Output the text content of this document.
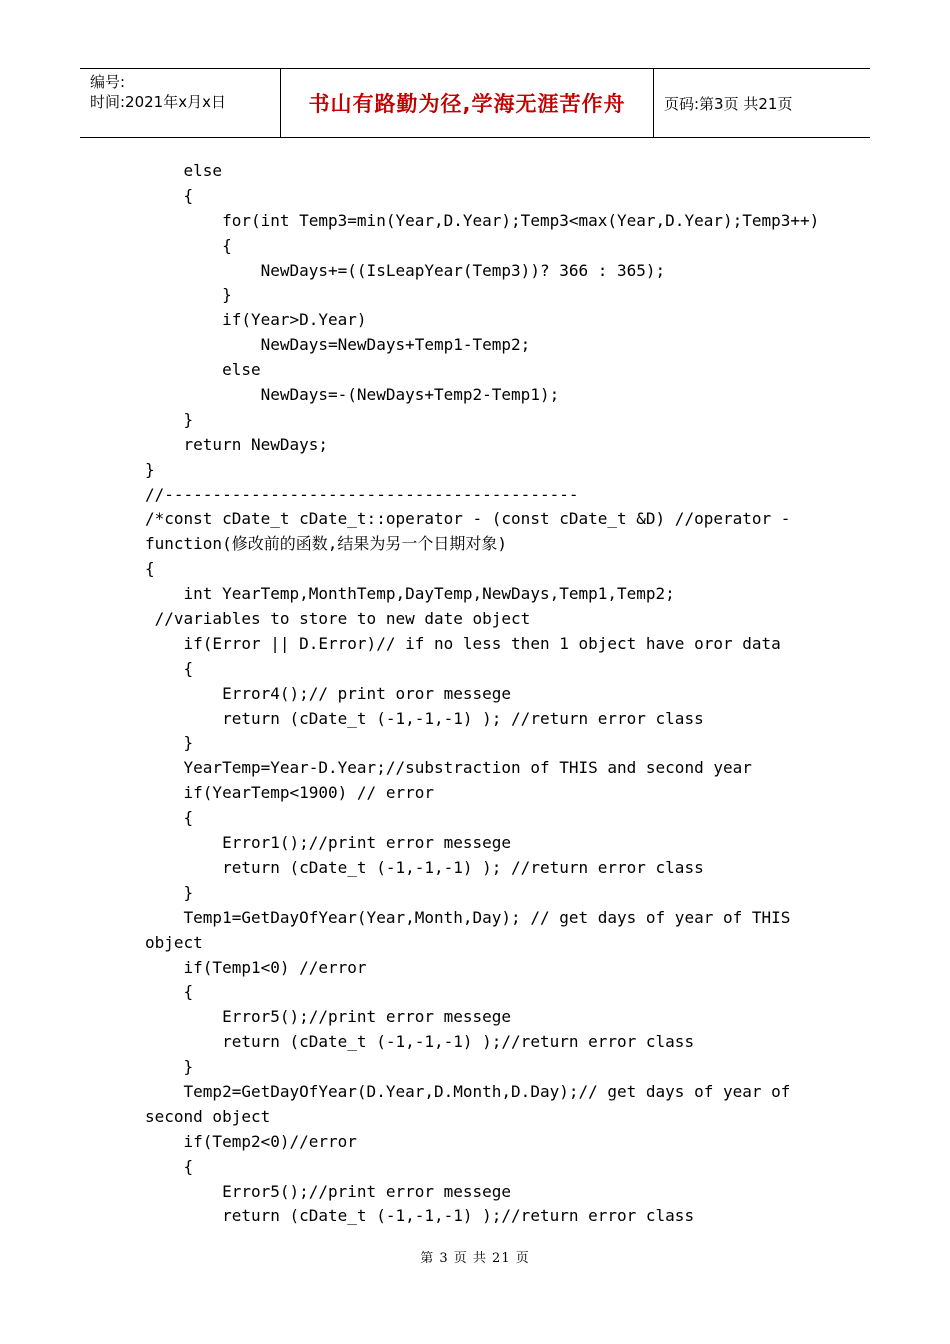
编号:
时间:2021年x月x日	书山有路勤为径,学海无涯苦作舟	页码:第3页 共21页
else
{
for(int Temp3=min(Year,D.Year);Temp3<max(Year,D.Year);Temp3++)
{
NewDays+=((IsLeapYear(Temp3))? 366 : 365);
}
if(Year>D.Year)
NewDays=NewDays+Temp1-Temp2;
else
NewDays=-(NewDays+Temp2-Temp1);
}
return NewDays;
}
//-------------------------------------------
/*const cDate_t cDate_t::operator - (const cDate_t &D) //operator -
function(修改前的函数,结果为另一个日期对象)
{
int YearTemp,MonthTemp,DayTemp,NewDays,Temp1,Temp2;
//variables to store to new date object
if(Error || D.Error)// if no less then 1 object have oror data
{
Error4();// print oror messege
return (cDate_t (-1,-1,-1) ); //return error class
}
YearTemp=Year-D.Year;//substraction of THIS and second year
if(YearTemp<1900) // error
{
Error1();//print error messege
return (cDate_t (-1,-1,-1) ); //return error class
}
Temp1=GetDayOfYear(Year,Month,Day); // get days of year of THIS
object
if(Temp1<0) //error
{
Error5();//print error messege
return (cDate_t (-1,-1,-1) );//return error class
}
Temp2=GetDayOfYear(D.Year,D.Month,D.Day);// get days of year of
second object
if(Temp2<0)//error
{
Error5();//print error messege
return (cDate_t (-1,-1,-1) );//return error class
第 3 页 共 21 页
